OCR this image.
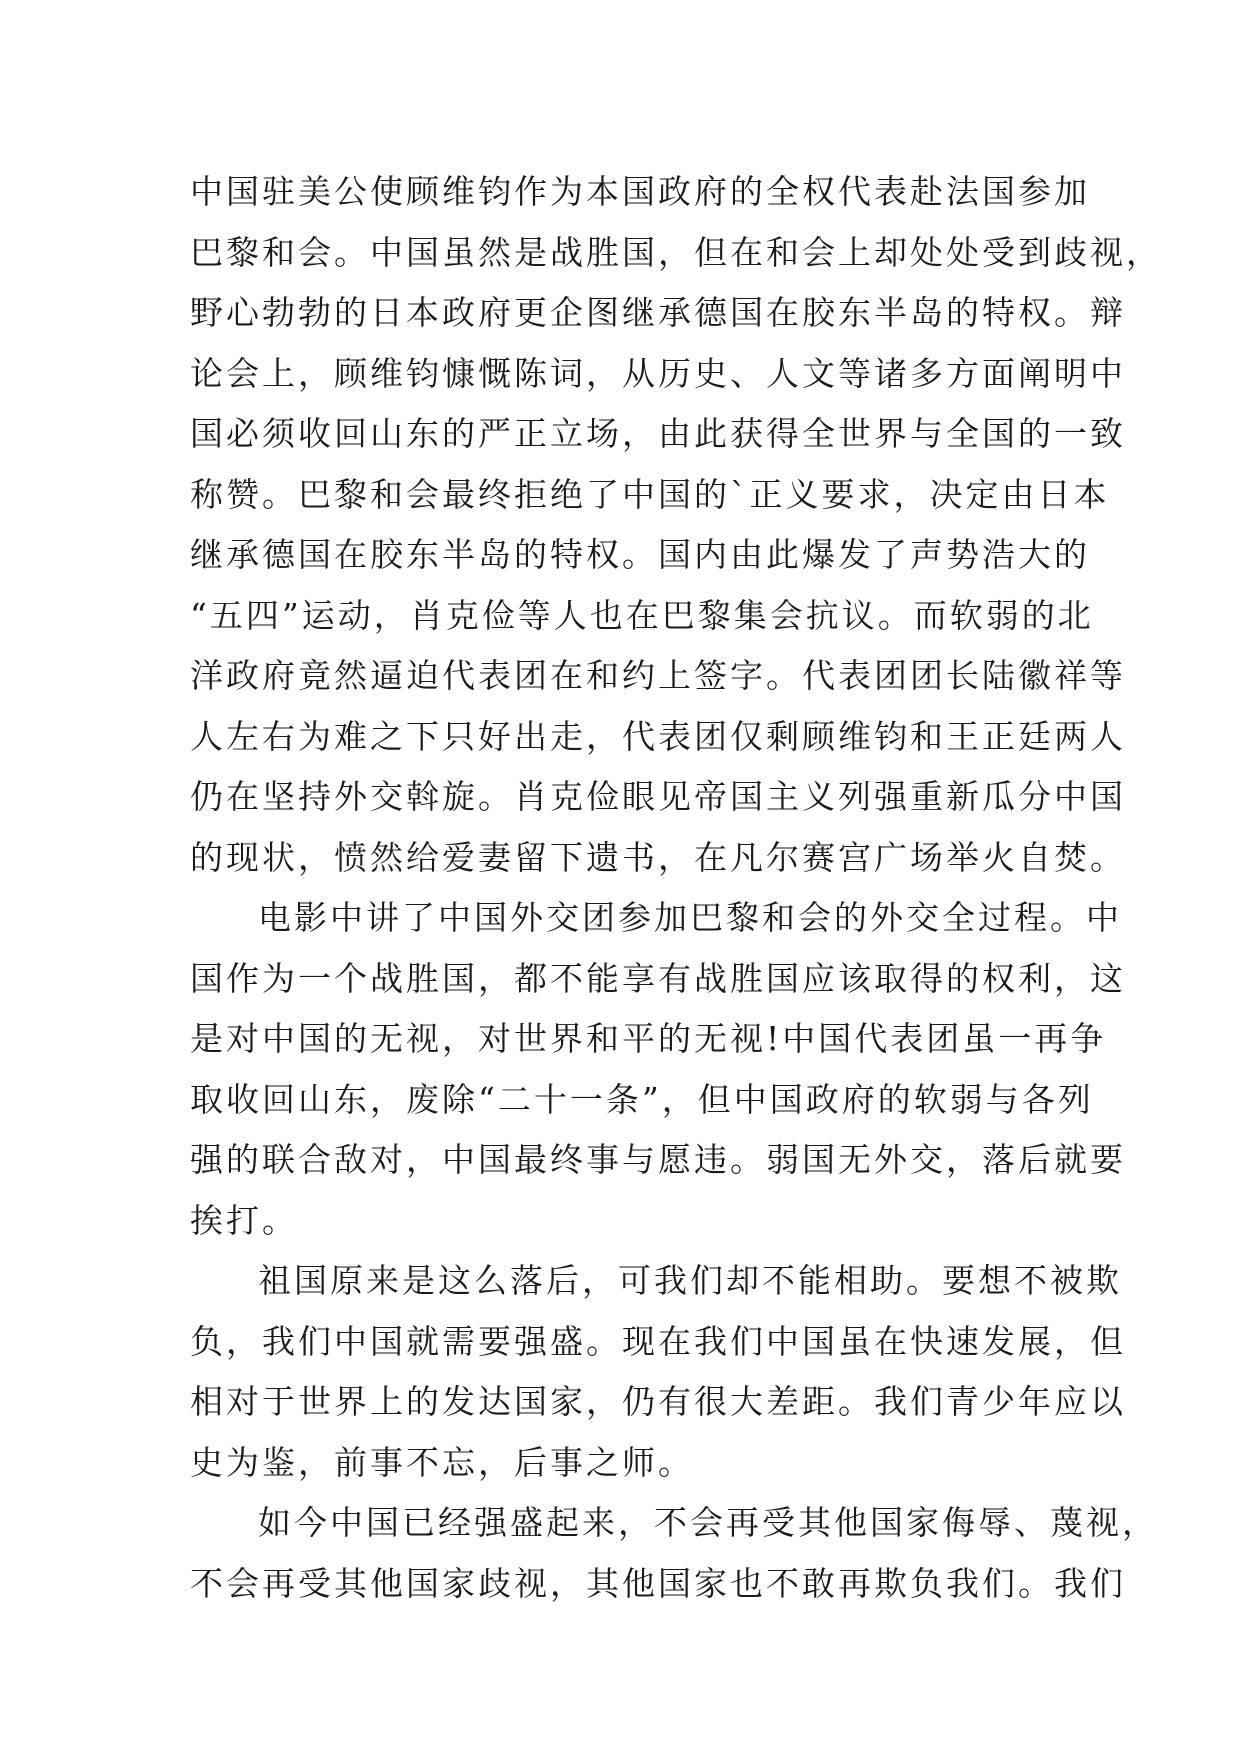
中国驻美公使顾维钧作为本国政府的全权代表赴法国参加
巴黎和会。中国虽然是战胜国，但在和会上却处处受到歧视，
野心勃勃的日本政府更企图继承德国在胶东半岛的特权。辩
论会上，顾维钧慷慨陈词，从历史、人文等诸多方面阐明中
国必须收回山东的严正立场，由此获得全世界与全国的一致
称赞。巴黎和会最终拒绝了中国的`正义要求，决定由日本
继承德国在胶东半岛的特权。国内由此爆发了声势浩大的
“五四”运动，肖克俭等人也在巴黎集会抗议。而软弱的北
洋政府竟然逼迫代表团在和约上签字。代表团团长陆徽祥等
人左右为难之下只好出走，代表团仅剩顾维钧和王正廷两人
仍在坚持外交斡旋。肖克俭眼见帝国主义列强重新瓜分中国
的现状，愤然给爱妻留下遗书，在凡尔赛宫广场举火自焚。
电影中讲了中国外交团参加巴黎和会的外交全过程。中
国作为一个战胜国，都不能享有战胜国应该取得的权利，这
是对中国的无视，对世界和平的无视!中国代表团虽一再争
取收回山东，废除“二十一条”，但中国政府的软弱与各列
强的联合敌对，中国最终事与愿违。弱国无外交，落后就要
挨打。
祖国原来是这么落后，可我们却不能相助。要想不被欺
负，我们中国就需要强盛。现在我们中国虽在快速发展，但
相对于世界上的发达国家，仍有很大差距。我们青少年应以
史为鉴，前事不忘，后事之师。
如今中国已经强盛起来，不会再受其他国家侮辱、蔑视，
不会再受其他国家歧视，其他国家也不敢再欺负我们。我们
